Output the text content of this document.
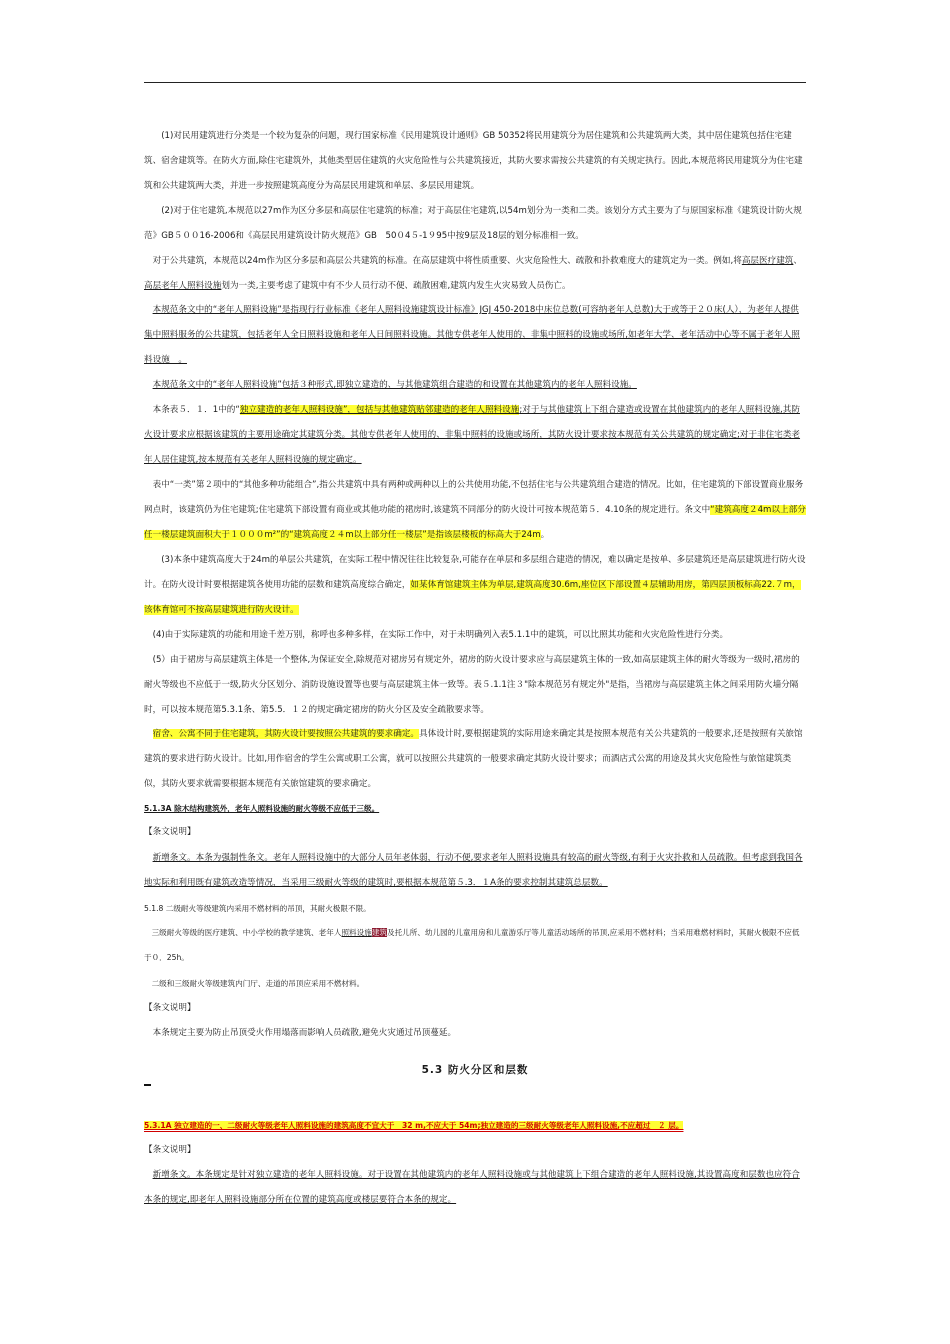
(1)对民用建筑进行分类是一个较为复杂的问题，现行国家标准《民用建筑设计通则》GB 50352将民用建筑分为居住建筑和公共建筑两大类，其中居住建筑包括住宅建筑、宿舍建筑等。在防火方面,除住宅建筑外，其他类型居住建筑的火灾危险性与公共建筑接近，其防火要求需按公共建筑的有关规定执行。因此,本规范将民用建筑分为住宅建筑和公共建筑两大类，并进一步按照建筑高度分为高层民用建筑和单层、多层民用建筑。

(2)对于住宅建筑,本规范以27m作为区分多层和高层住宅建筑的标准；对于高层住宅建筑,以54m划分为一类和二类。该划分方式主要为了与原国家标准《建筑设计防火规范》GB５００16-2006和《高层民用建筑设计防火规范》GB　50０4５-1９95中按9层及18层的划分标准相一致。

对于公共建筑，本规范以24m作为区分多层和高层公共建筑的标准。在高层建筑中将性质重要、火灾危险性大、疏散和扑救难度大的建筑定为一类。例如,将高层医疗建筑、高层老年人照料设施划为一类,主要考虑了建筑中有不少人员行动不便、疏散困难,建筑内发生火灾易致人员伤亡。

本规范条文中的“老年人照料设施”是指现行行业标准《老年人照料设施建筑设计标准》JGJ 450-2018中床位总数(可容纳老年人总数)大于或等于２０床(人），为老年人提供集中照料服务的公共建筑，包括老年人全日照料设施和老年人日间照料设施。其他专供老年人使用的、非集中照料的设施或场所,如老年大学、老年活动中心等不属于老年人照料设施　。

本规范条文中的“老年人照料设施”包括３种形式,即独立建造的、与其他建筑组合建造的和设置在其他建筑内的老年人照料设施。

本条表５．１．1中的“独立建造的老年人照料设施”，包括与其他建筑贴邻建造的老年人照料设施;对于与其他建筑上下组合建造或设置在其他建筑内的老年人照料设施,其防火设计要求应根据该建筑的主要用途确定其建筑分类。其他专供老年人使用的、非集中照料的设施或场所，其防火设计要求按本规范有关公共建筑的规定确定;对于非住宅类老年人居住建筑,按本规范有关老年人照料设施的规定确定。

表中“一类”第２项中的“其他多种功能组合”,指公共建筑中具有两种或两种以上的公共使用功能,不包括住宅与公共建筑组合建造的情况。比如，住宅建筑的下部设置商业服务网点时，该建筑仍为住宅建筑;住宅建筑下部设置有商业或其他功能的裙房时,该建筑不同部分的防火设计可按本规范第５．4.10条的规定进行。条文中“建筑高度２4m以上部分任一楼层建筑面积大于１０００m²”的“建筑高度２４m以上部分任一楼层”是指该层楼板的标高大于24m。

(3)本条中建筑高度大于24m的单层公共建筑，在实际工程中情况往往比较复杂,可能存在单层和多层组合建造的情况，难以确定是按单、多层建筑还是高层建筑进行防火设计。在防火设计时要根据建筑各使用功能的层数和建筑高度综合确定，如某体育馆建筑主体为单层,建筑高度30.6m,座位区下部设置４层辅助用房，第四层顶板标高22.７m，该体育馆可不按高层建筑进行防火设计。

(4)由于实际建筑的功能和用途千差万别，称呼也多种多样，在实际工作中，对于未明确列入表5.1.1中的建筑，可以比照其功能和火灾危险性进行分类。

(5）由于裙房与高层建筑主体是一个整体,为保证安全,除规范对裙房另有规定外，裙房的防火设计要求应与高层建筑主体的一致,如高层建筑主体的耐火等级为一级时,裙房的耐火等级也不应低于一级,防火分区划分、消防设施设置等也要与高层建筑主体一致等。表５.1.1注３"除本规范另有规定外"是指，当裙房与高层建筑主体之间采用防火墙分隔时，可以按本规范第5.3.1条、第5.5．１２的规定确定裙房的防火分区及安全疏散要求等。

宿舍、公寓不同于住宅建筑，其防火设计要按照公共建筑的要求确定。具体设计时,要根据建筑的实际用途来确定其是按照本规范有关公共建筑的一般要求,还是按照有关旅馆建筑的要求进行防火设计。比如,用作宿舍的学生公寓或职工公寓，就可以按照公共建筑的一般要求确定其防火设计要求；而酒店式公寓的用途及其火灾危险性与旅馆建筑类似，其防火要求就需要根据本规范有关旅馆建筑的要求确定。

5.1.3A 除木结构建筑外，老年人照料设施的耐火等级不应低于三级。

【条文说明】

新增条文。本条为强制性条文。老年人照料设施中的大部分人员年老体弱，行动不便,要求老年人照料设施具有较高的耐火等级,有利于火灾扑救和人员疏散。但考虑到我国各地实际和利用既有建筑改造等情况，当采用三级耐火等级的建筑时,要根据本规范第５.3．１A条的要求控制其建筑总层数。

5.1.8 二级耐火等级建筑内采用不燃材料的吊顶，其耐火极限不限。

三级耐火等级的医疗建筑、中小学校的教学建筑、老年人照料设施建筑及托儿所、幼儿园的儿童用房和儿童游乐厅等儿童活动场所的吊顶,应采用不燃材料；当采用难燃材料时，其耐火极限不应低于０．25h。

二级和三级耐火等级建筑内门厅、走道的吊顶应采用不燃材料。

【条文说明】

本条规定主要为防止吊顶受火作用塌落而影响人员疏散,避免火灾通过吊顶蔓延。

5.3 防火分区和层数

5.3.1A 独立建造的一、二级耐火等级老年人照料设施的建筑高度不宜大于　32 m,不应大于 54m;独立建造的三级耐火等级老年人照料设施,不应超过　２ 层。

【条文说明】

新增条文。本条规定是针对独立建造的老年人照料设施。对于设置在其他建筑内的老年人照料设施或与其他建筑上下组合建造的老年人照料设施,其设置高度和层数也应符合本条的规定,即老年人照料设施部分所在位置的建筑高度或楼层要符合本条的规定。
